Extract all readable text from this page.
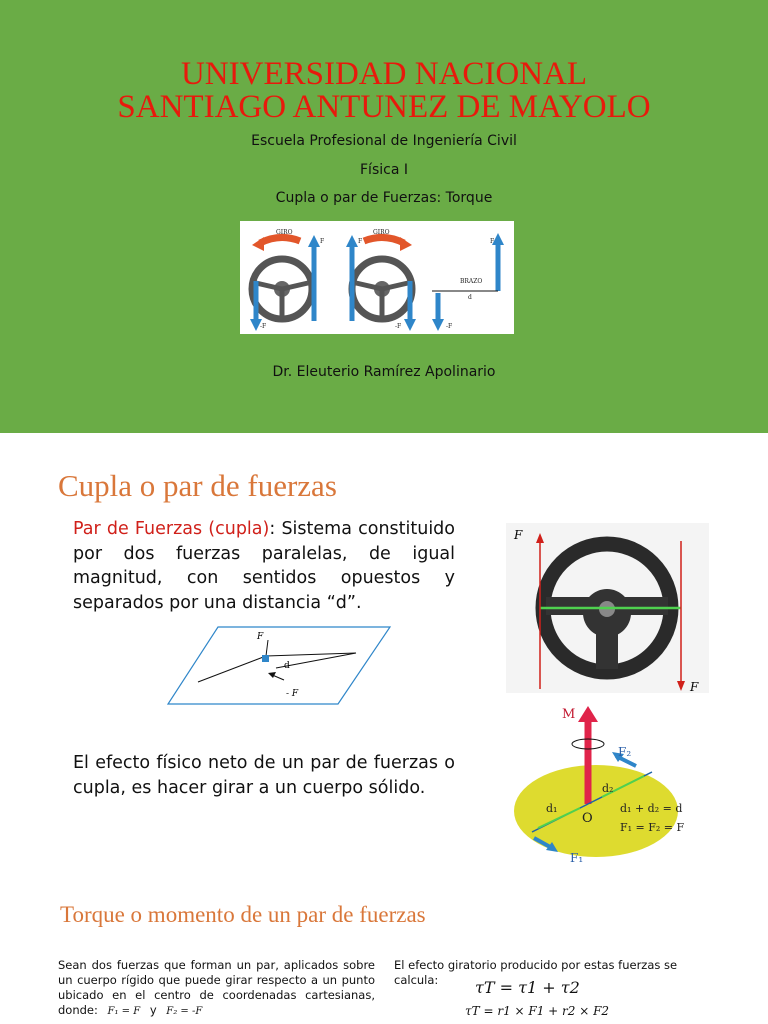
UNIVERSIDAD NACIONAL
SANTIAGO ANTUNEZ DE MAYOLO
Escuela Profesional de Ingeniería Civil
Física I
Cupla o par de Fuerzas: Torque
GIRO
F
-F
GIRO
F
-F
F
-F
BRAZO
d
Dr. Eleuterio Ramírez Apolinario
Cupla o par de fuerzas
Par de Fuerzas (cupla): Sistema constituido por dos fuerzas paralelas, de igual magnitud, con sentidos opuestos y separados por una distancia “d”.
F
d
- F
El efecto físico neto de un par de fuerzas o cupla, es hacer girar a un cuerpo sólido.
F
F
M
F₂
F₁
d₁
d₂
O
d₁ + d₂ = d
F₁ = F₂ = F
Torque o momento de un par de fuerzas
Sean dos fuerzas que forman un par, aplicados sobre un cuerpo rígido que puede girar respecto a un punto ubicado en el centro de coordenadas cartesianas, donde: F₁ = F y F₂ = -F
El efecto giratorio producido por estas fuerzas se calcula:	τT = τ1 + τ2
τT = r1 × F1 + r2 × F2
